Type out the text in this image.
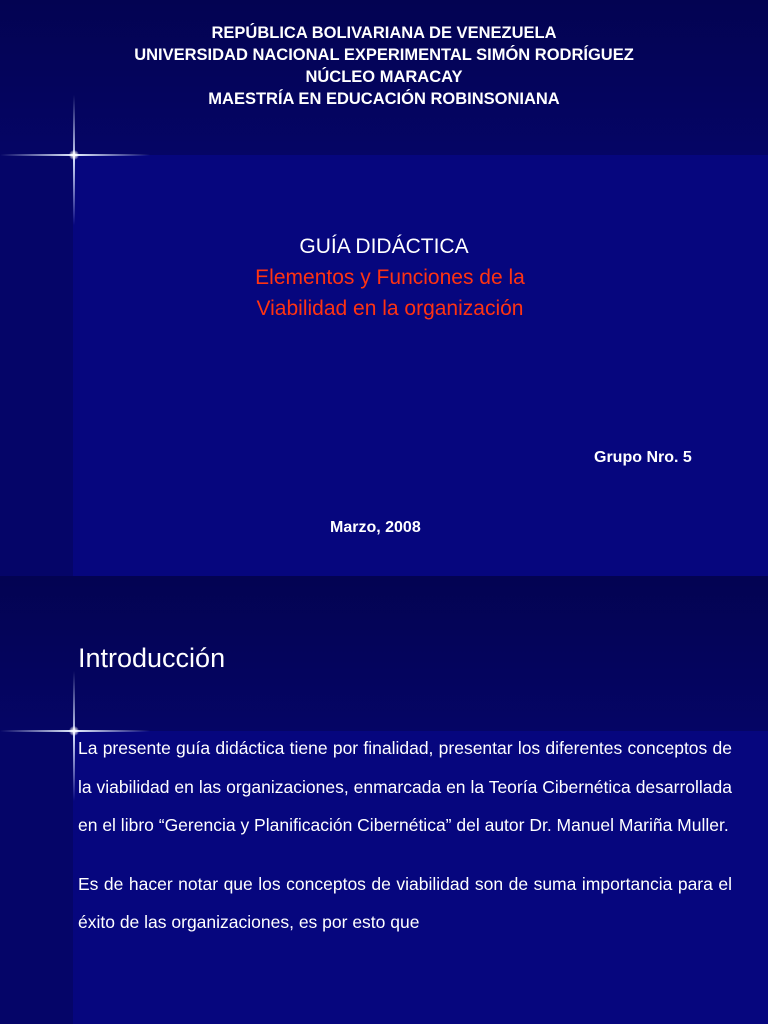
REPÚBLICA BOLIVARIANA DE VENEZUELA
UNIVERSIDAD NACIONAL EXPERIMENTAL SIMÓN RODRÍGUEZ
NÚCLEO MARACAY
MAESTRÍA EN EDUCACIÓN ROBINSONIANA
GUÍA DIDÁCTICA
Elementos y Funciones de la
Viabilidad en la organización
Grupo Nro. 5
Marzo, 2008
Introducción

La presente guía didáctica tiene por finalidad, presentar los diferentes conceptos de la viabilidad en las organizaciones, enmarcada en la Teoría Cibernética desarrollada en el libro “Gerencia y Planificación Cibernética” del autor Dr. Manuel Mariña Muller.

Es de hacer notar que los conceptos de viabilidad son de suma importancia para el éxito de las organizaciones, es por esto que
